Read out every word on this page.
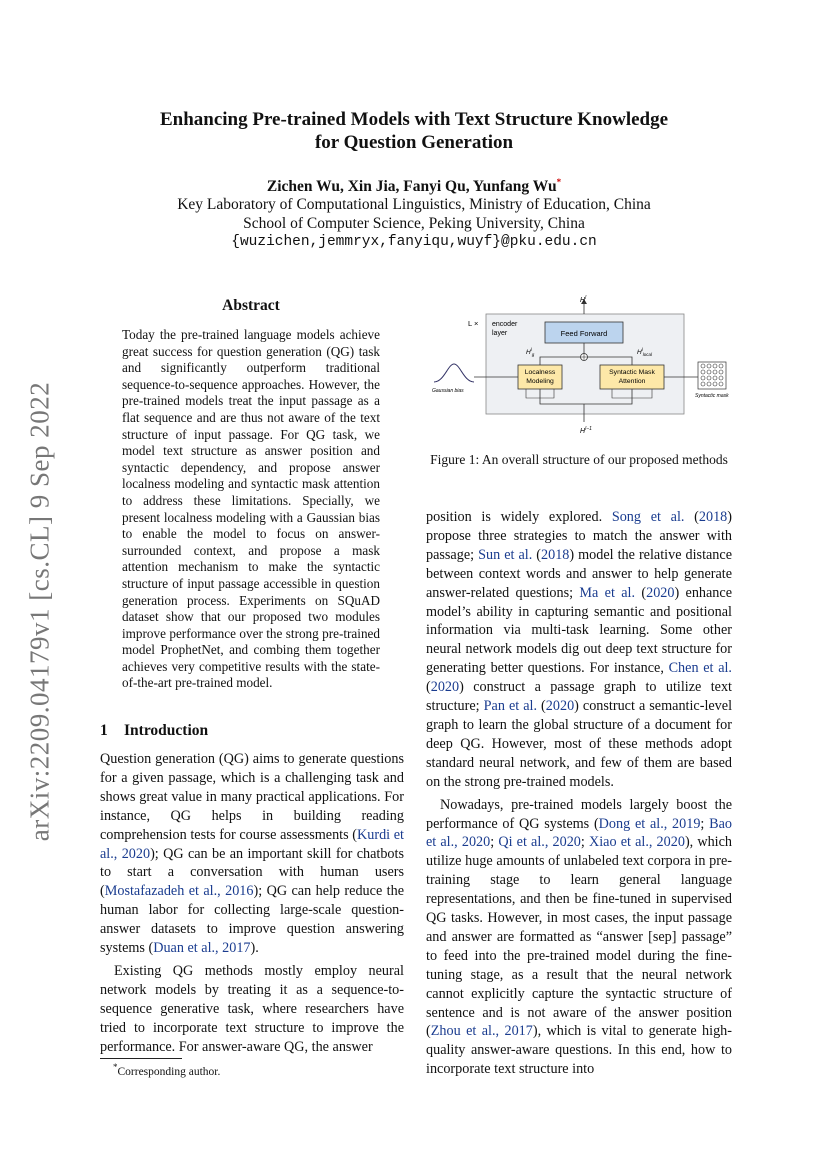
Enhancing Pre-trained Models with Text Structure Knowledge
for Question Generation
Zichen Wu, Xin Jia, Fanyi Qu, Yunfang Wu*
Key Laboratory of Computational Linguistics, Ministry of Education, China
School of Computer Science, Peking University, China
{wuzichen,jemmryx,fanyiqu,wuyf}@pku.edu.cn
arXiv:2209.04179v1 [cs.CL] 9 Sep 2022
Abstract
Today the pre-trained language models achieve great success for question generation (QG) task and significantly outperform traditional sequence-to-sequence approaches. However, the pre-trained models treat the input passage as a flat sequence and are thus not aware of the text structure of input passage. For QG task, we model text structure as answer position and syntactic dependency, and propose answer localness modeling and syntactic mask attention to address these limitations. Specially, we present localness modeling with a Gaussian bias to enable the model to focus on answer-surrounded context, and propose a mask attention mechanism to make the syntactic structure of input passage accessible in question generation process. Experiments on SQuAD dataset show that our proposed two modules improve performance over the strong pre-trained model ProphetNet, and combing them together achieves very competitive results with the state-of-the-art pre-trained model.
1 Introduction

Question generation (QG) aims to generate questions for a given passage, which is a challenging task and shows great value in many practical applications. For instance, QG helps in building reading comprehension tests for course assessments (Kurdi et al., 2020); QG can be an important skill for chatbots to start a conversation with human users (Mostafazadeh et al., 2016); QG can help reduce the human labor for collecting large-scale question-answer datasets to improve question answering systems (Duan et al., 2017).

Existing QG methods mostly employ neural network models by treating it as a sequence-to-sequence generative task, where researchers have tried to incorporate text structure to improve the performance. For answer-aware QG, the answer

*Corresponding author.
L × encoder
layer
$H^l$
Feed Forward
$H^l_g$	$H^l_{local}$
Localness
Modeling
Syntactic Mask
Attention
Gaussian bias
Syntactic mask
$H^{l-1}$
Figure 1: An overall structure of our proposed methods

position is widely explored. Song et al. (2018) propose three strategies to match the answer with passage; Sun et al. (2018) model the relative distance between context words and answer to help generate answer-related questions; Ma et al. (2020) enhance model’s ability in capturing semantic and positional information via multi-task learning. Some other neural network models dig out deep text structure for generating better questions. For instance, Chen et al. (2020) construct a passage graph to utilize text structure; Pan et al. (2020) construct a semantic-level graph to learn the global structure of a document for deep QG. However, most of these methods adopt standard neural network, and few of them are based on the strong pre-trained models.

Nowadays, pre-trained models largely boost the performance of QG systems (Dong et al., 2019; Bao et al., 2020; Qi et al., 2020; Xiao et al., 2020), which utilize huge amounts of unlabeled text corpora in pre-training stage to learn general language representations, and then be fine-tuned in supervised QG tasks. However, in most cases, the input passage and answer are formatted as “answer [sep] passage” to feed into the pre-trained model during the fine-tuning stage, as a result that the neural network cannot explicitly capture the syntactic structure of sentence and is not aware of the answer position (Zhou et al., 2017), which is vital to generate high-quality answer-aware questions. In this end, how to incorporate text structure into
